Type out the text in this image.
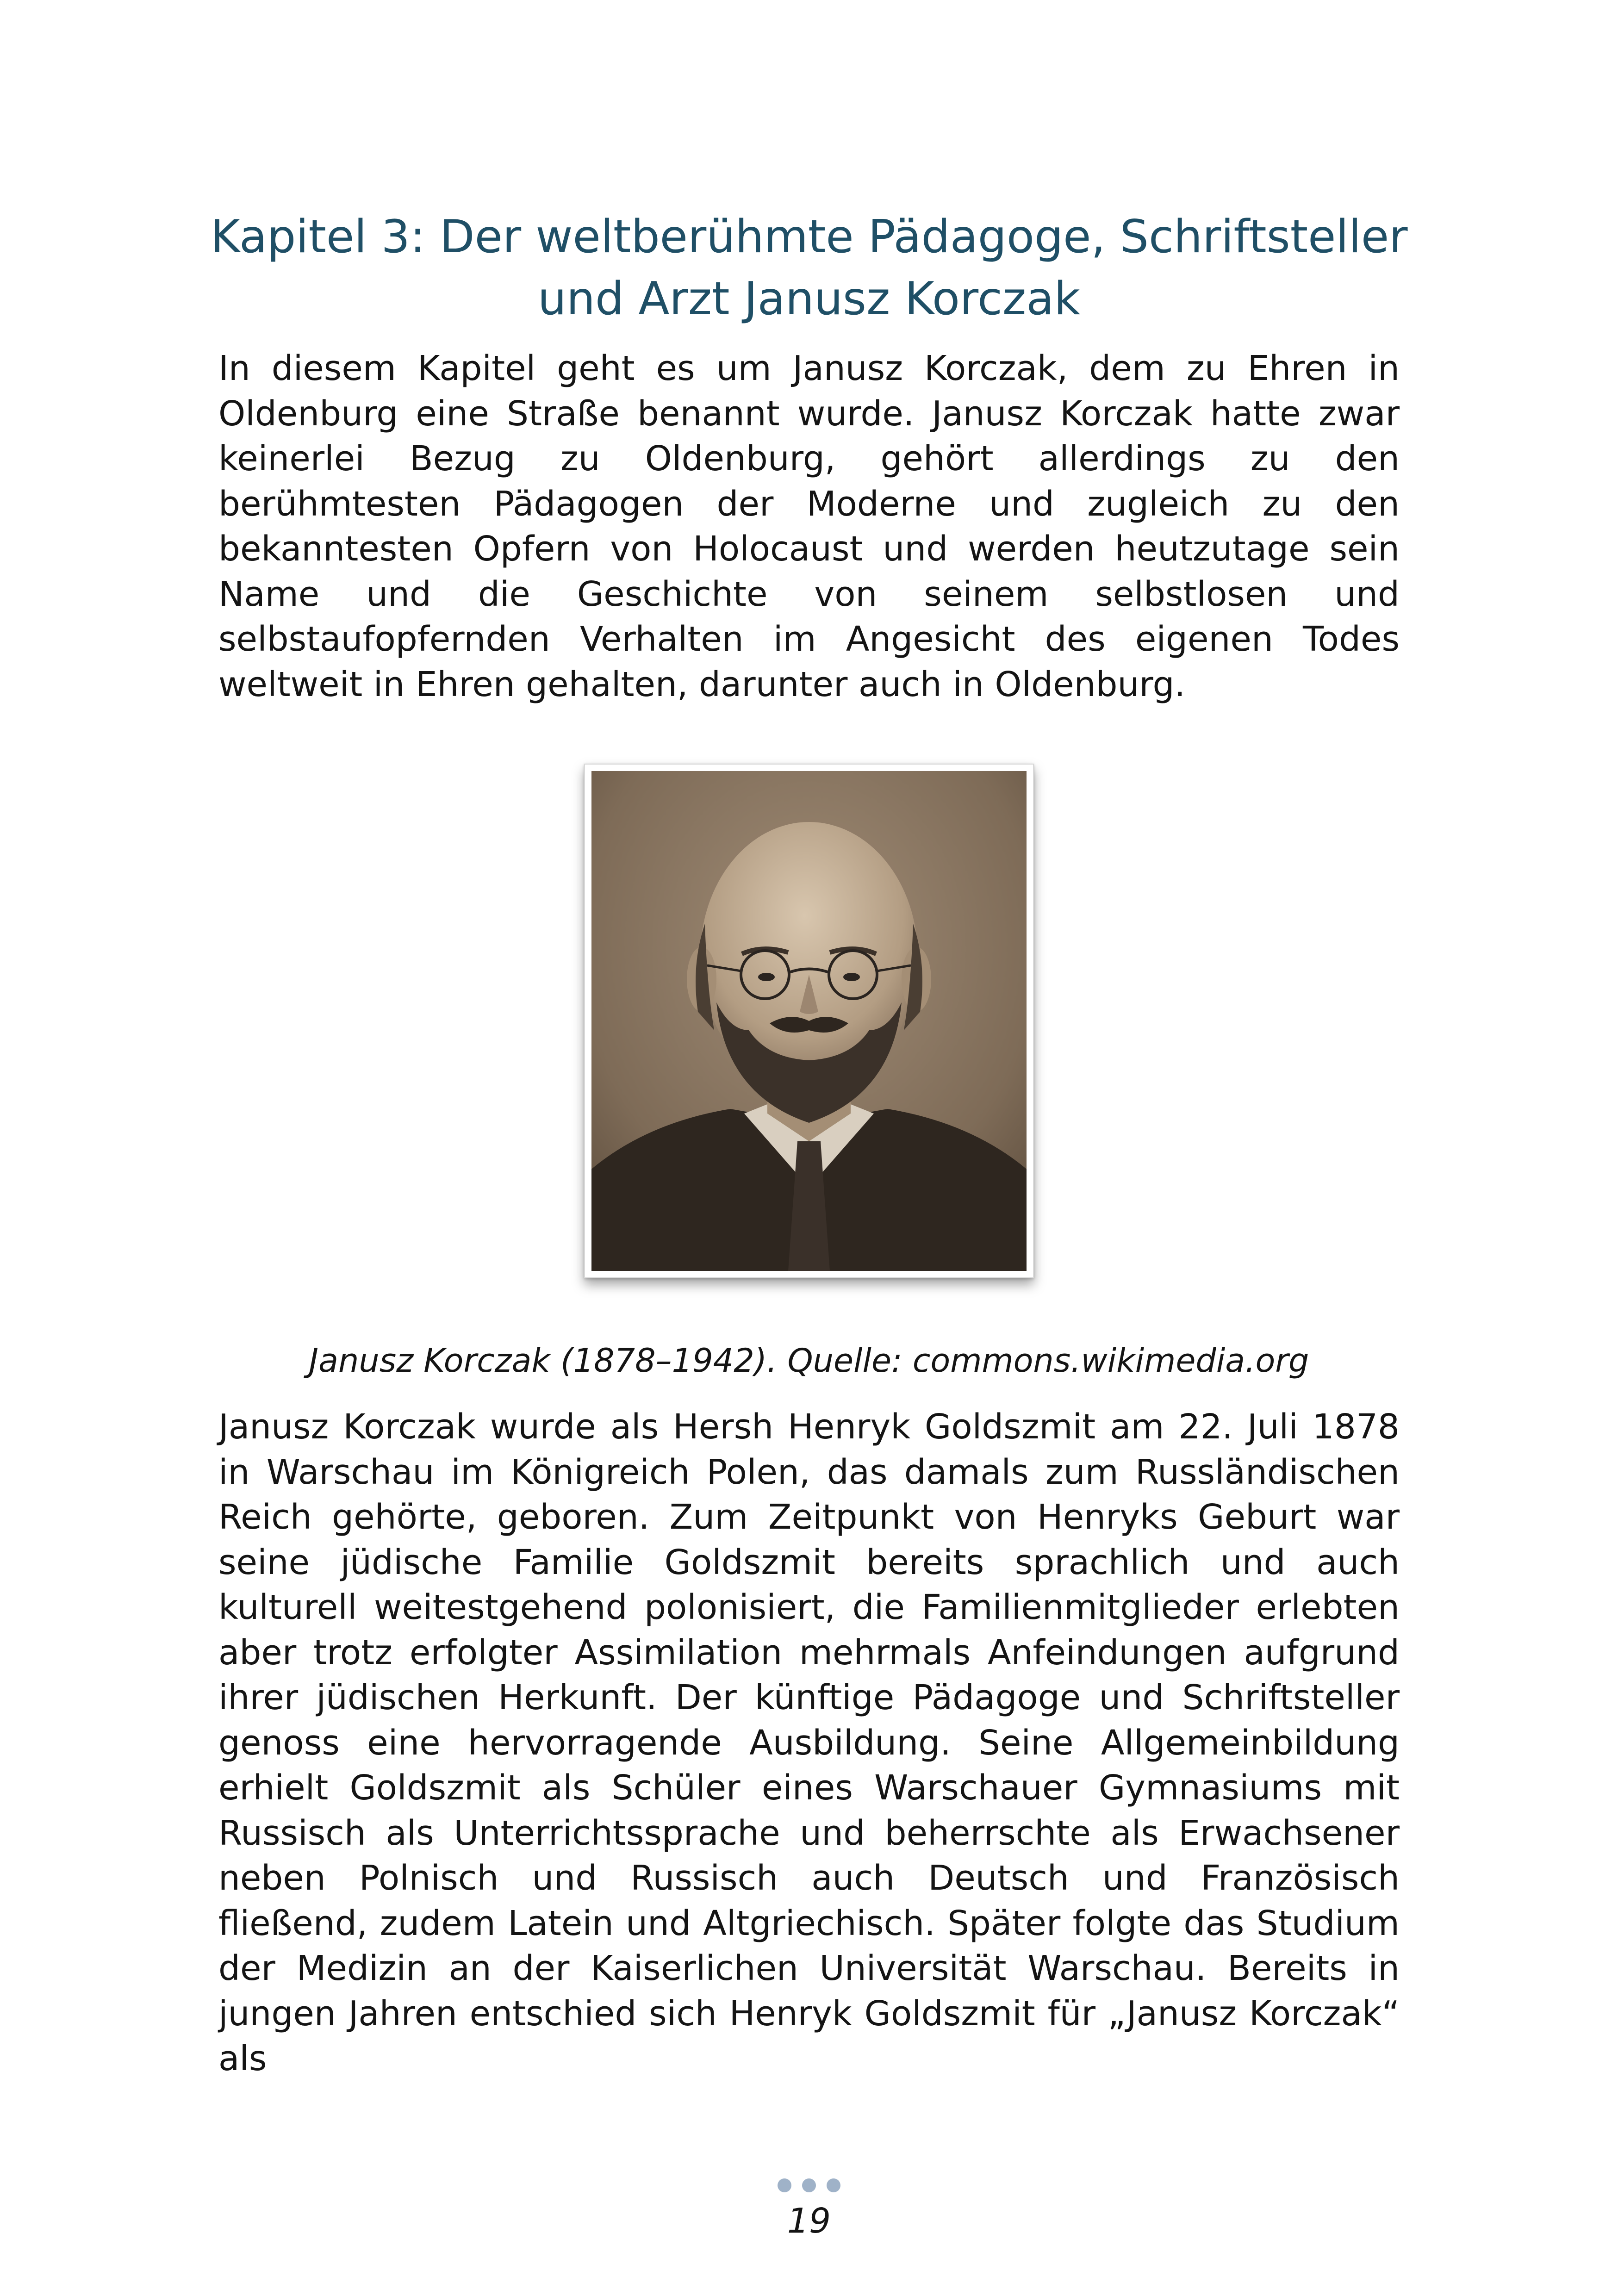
Kapitel 3: Der weltberühmte Pädagoge, Schriftsteller
und Arzt Janusz Korczak

In diesem Kapitel geht es um Janusz Korczak, dem zu Ehren in Oldenburg eine Straße benannt wurde. Janusz Korczak hatte zwar keinerlei Bezug zu Oldenburg, gehört allerdings zu den berühmtesten Pädagogen der Moderne und zugleich zu den bekanntesten Opfern von Holocaust und werden heutzutage sein Name und die Geschichte von seinem selbstlosen und selbstaufopfernden Verhalten im Angesicht des eigenen Todes weltweit in Ehren gehalten, darunter auch in Oldenburg.

Janusz Korczak (1878–1942). Quelle: commons.wikimedia.org

Janusz Korczak wurde als Hersh Henryk Goldszmit am 22. Juli 1878 in Warschau im Königreich Polen, das damals zum Russländischen Reich gehörte, geboren. Zum Zeitpunkt von Henryks Geburt war seine jüdische Familie Goldszmit bereits sprachlich und auch kulturell weitestgehend polonisiert, die Familienmitglieder erlebten aber trotz erfolgter Assimilation mehrmals Anfeindungen aufgrund ihrer jüdischen Herkunft. Der künftige Pädagoge und Schriftsteller genoss eine hervorragende Ausbildung. Seine Allgemeinbildung erhielt Goldszmit als Schüler eines Warschauer Gymnasiums mit Russisch als Unterrichtssprache und beherrschte als Erwachsener neben Polnisch und Russisch auch Deutsch und Französisch fließend, zudem Latein und Altgriechisch. Später folgte das Studium der Medizin an der Kaiserlichen Universität Warschau. Bereits in jungen Jahren entschied sich Henryk Goldszmit für „Janusz Korczak“ als

19
